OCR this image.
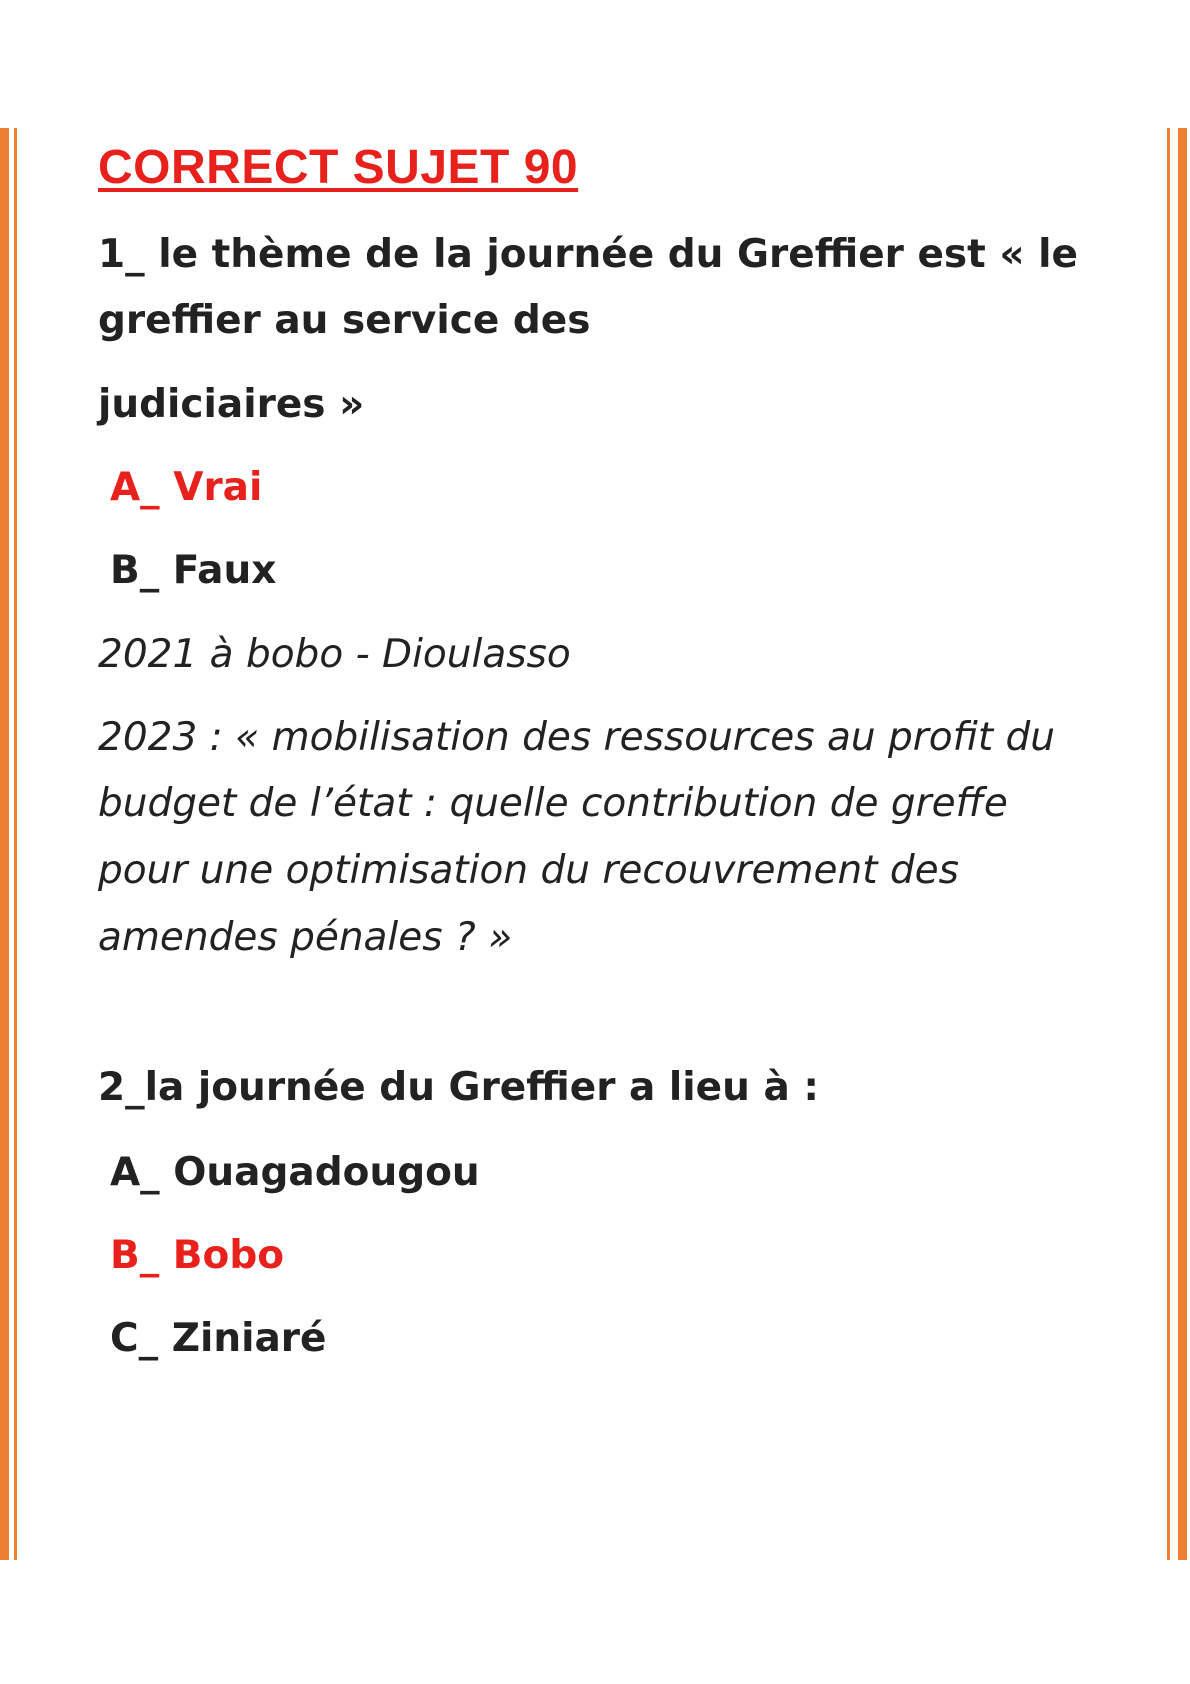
CORRECT SUJET 90

1_ le thème de la journée du Greffier est « le

greffier au service des

judiciaires »

A_ Vrai

B_ Faux

2021 à bobo - Dioulasso

2023 : « mobilisation des ressources au profit du

budget de l’état : quelle contribution de greffe

pour une optimisation du recouvrement des

amendes pénales ? »

2_la journée du Greffier a lieu à :

A_ Ouagadougou

B_ Bobo

C_ Ziniaré
